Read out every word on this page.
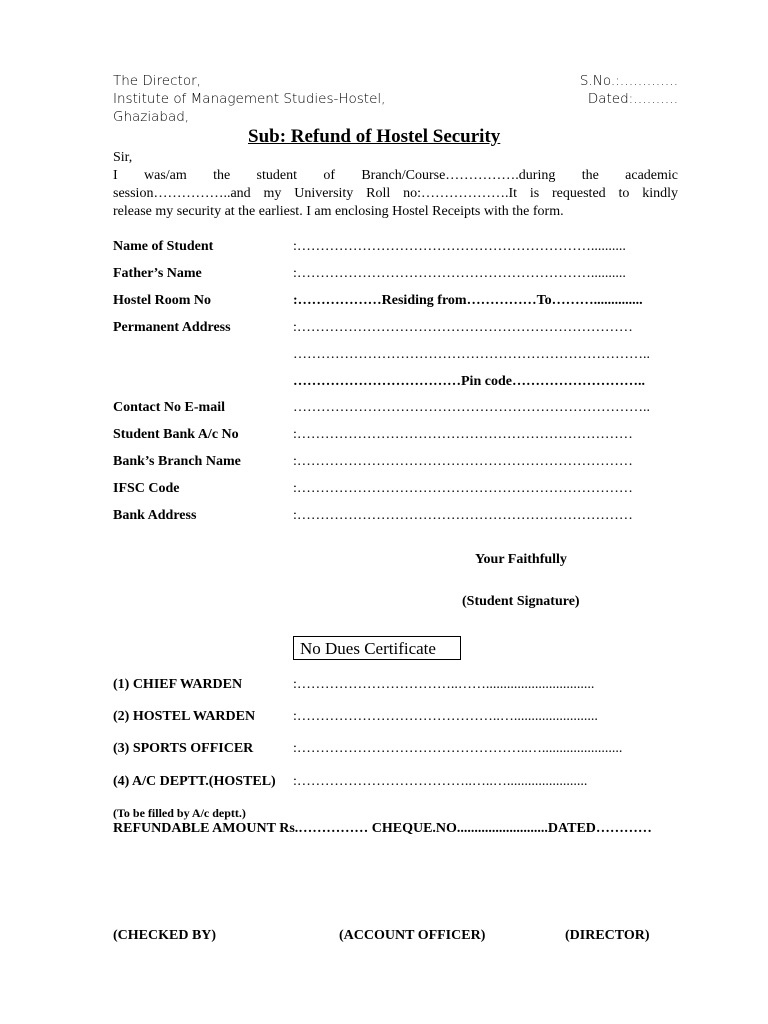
The Director,
Institute of Management Studies-Hostel,
Ghaziabad,
S.No.:………….
Dated:……….
Sub: Refund of Hostel Security
Sir,
I was/am the student of Branch/Course…………….during the academic
session……………..and my University Roll no:……………….It is requested to kindly
release my security at the earliest. I am enclosing Hostel Receipts with the form.
Name of Student	:………………………………………………………..........
Father’s Name	:………………………………………………………..........
Hostel Room No	:………………Residing from……………To………..............
Permanent Address	:………………………………………………………………
…………………………………………………………………..
………………………………Pin code………………………..
Contact No E-mail	…………………………………………………………………..
Student Bank A/c No	:………………………………………………………………
Bank’s Branch Name	:………………………………………………………………
IFSC Code	:………………………………………………………………
Bank Address	:………………………………………………………………
Your Faithfully
(Student Signature)
No Dues Certificate
(1) CHIEF WARDEN	:……………………………..……...............................
(2) HOSTEL WARDEN	:……………………………………..…........................
(3) SPORTS OFFICER	:…………………………………………..….......................
(4) A/C DEPTT.(HOSTEL) :………………………………..…..….......................
(To be filled by A/c deptt.)
REFUNDABLE AMOUNT Rs.…………… CHEQUE.NO..........................DATED…………
(CHECKED BY)	(ACCOUNT OFFICER)	(DIRECTOR)
